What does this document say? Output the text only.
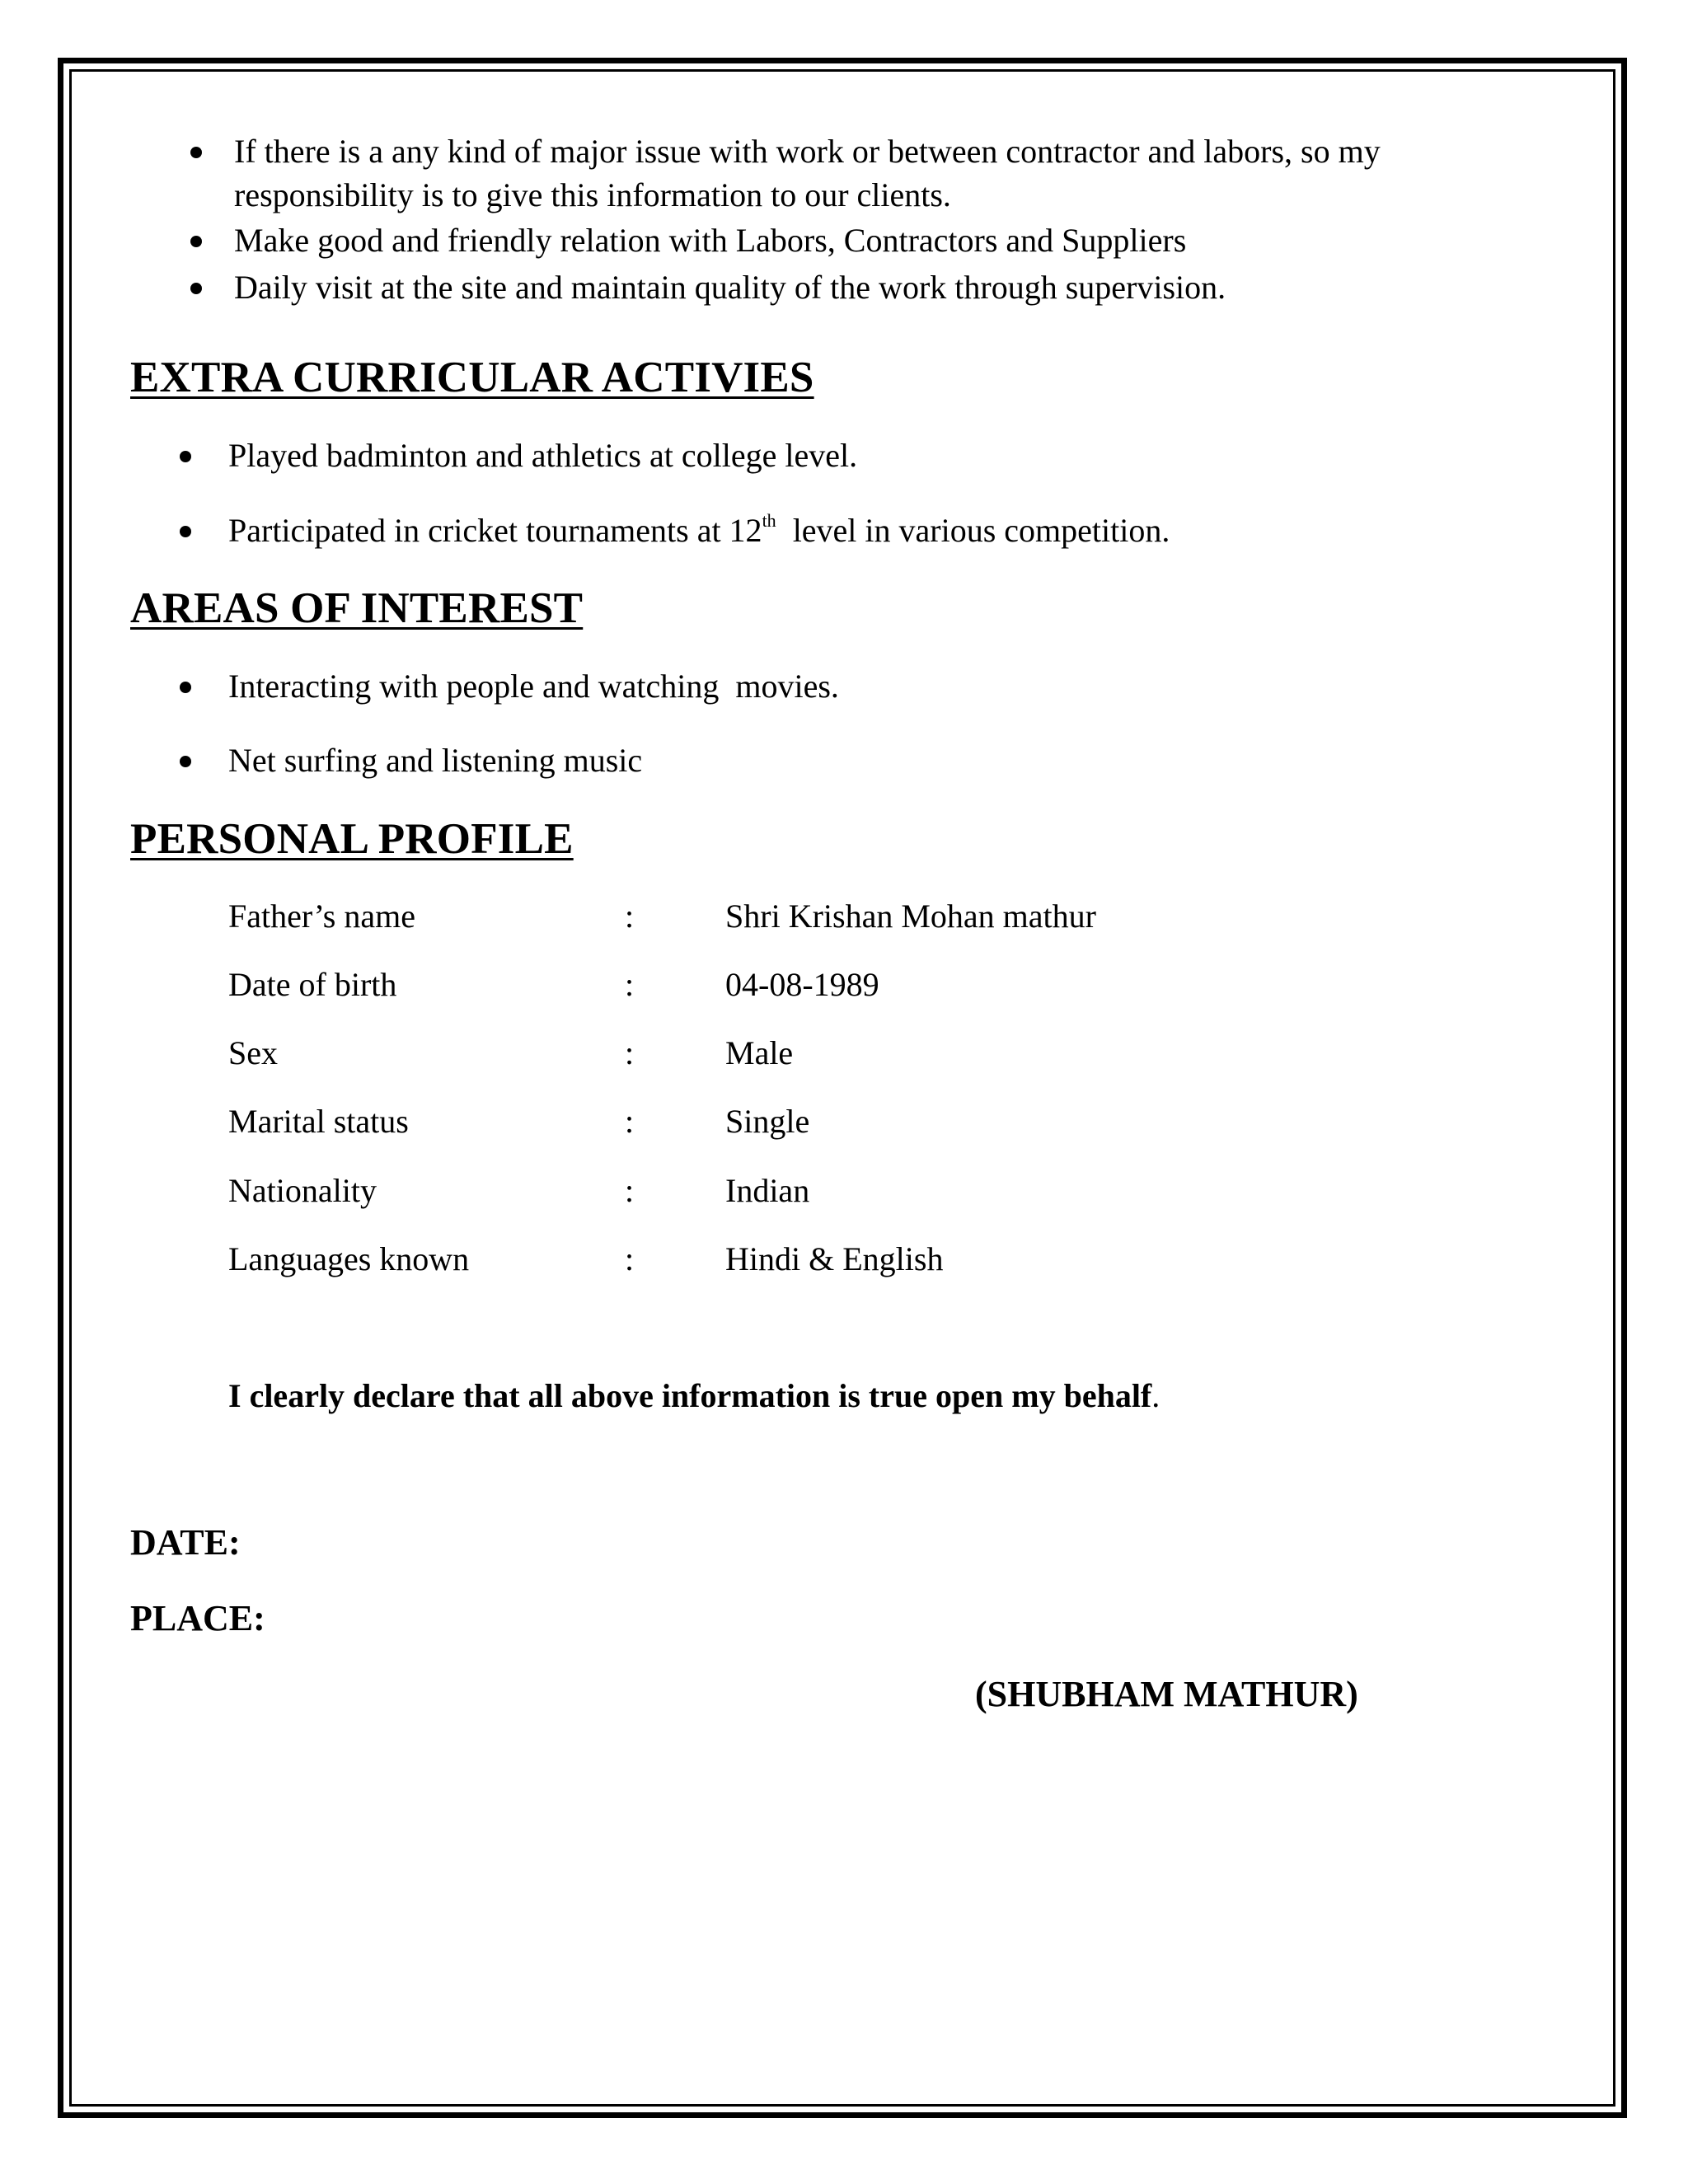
If there is a any kind of major issue with work or between contractor and labors, so my
responsibility is to give this information to our clients.
Make good and friendly relation with Labors, Contractors and Suppliers
Daily visit at the site and maintain quality of the work through supervision.
EXTRA CURRICULAR ACTIVIES
Played badminton and athletics at college level.
Participated in cricket tournaments at 12th  level in various competition.
AREAS OF INTEREST
Interacting with people and watching  movies.
Net surfing and listening music
PERSONAL PROFILE
Father’s name	:	Shri Krishan Mohan mathur
Date of birth	:	04-08-1989
Sex	:	Male
Marital status	:	Single
Nationality	:	Indian
Languages known	:	Hindi & English
I clearly declare that all above information is true open my behalf.
DATE:
PLACE:
(SHUBHAM MATHUR)
